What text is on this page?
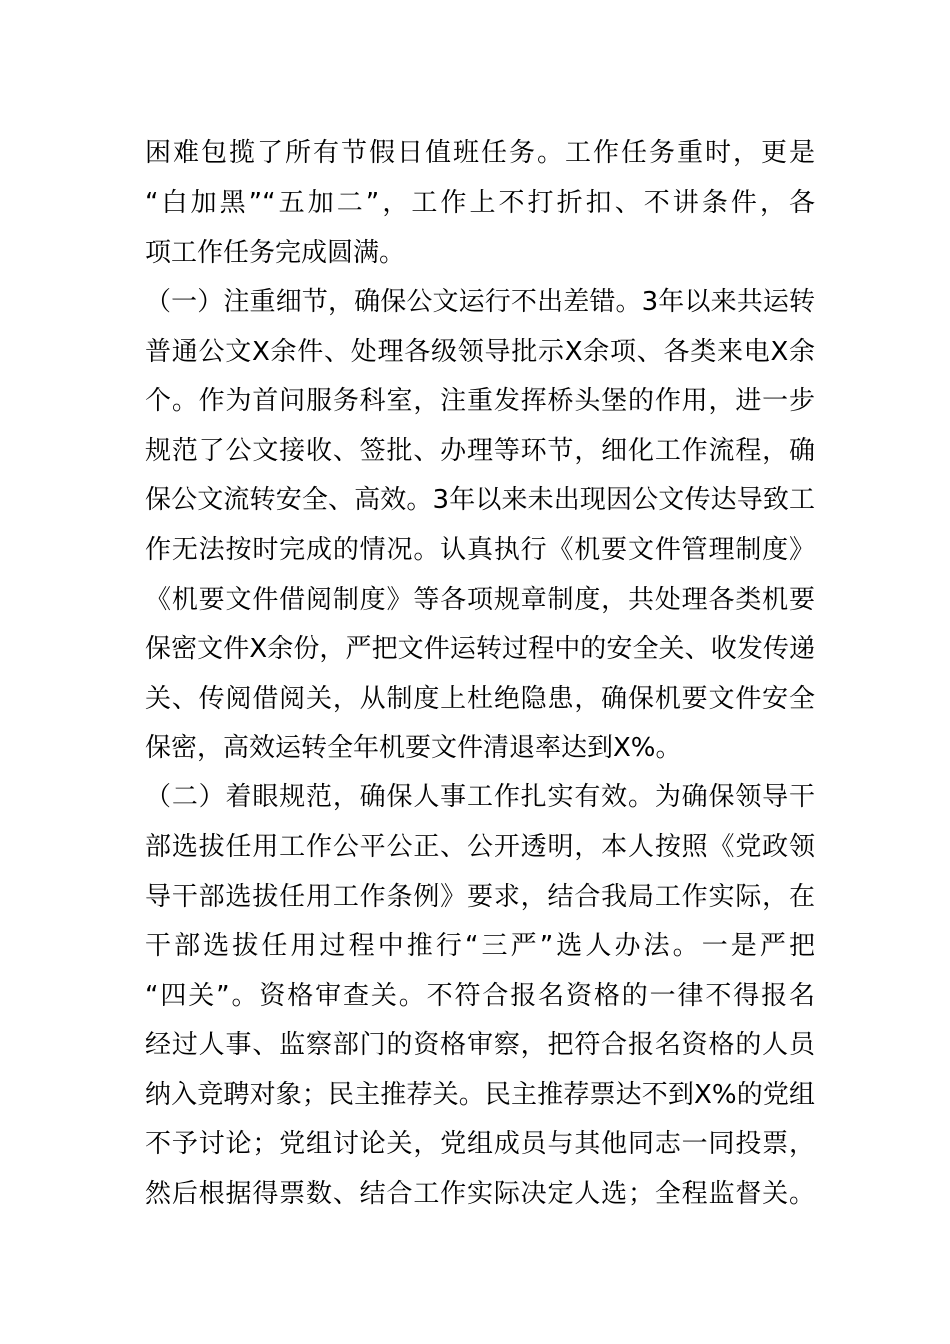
困难包揽了所有节假日值班任务。工作任务重时，更是
“白加黑”“五加二”，工作上不打折扣、不讲条件，各
项工作任务完成圆满。
（一）注重细节，确保公文运行不出差错。3年以来共运转
普通公文X余件、处理各级领导批示X余项、各类来电X余
个。作为首问服务科室，注重发挥桥头堡的作用，进一步
规范了公文接收、签批、办理等环节，细化工作流程，确
保公文流转安全、高效。3年以来未出现因公文传达导致工
作无法按时完成的情况。认真执行《机要文件管理制度》
《机要文件借阅制度》等各项规章制度，共处理各类机要
保密文件X余份，严把文件运转过程中的安全关、收发传递
关、传阅借阅关，从制度上杜绝隐患，确保机要文件安全
保密，高效运转全年机要文件清退率达到X%。
（二）着眼规范，确保人事工作扎实有效。为确保领导干
部选拔任用工作公平公正、公开透明，本人按照《党政领
导干部选拔任用工作条例》要求，结合我局工作实际，在
干部选拔任用过程中推行“三严”选人办法。一是严把
“四关”。资格审查关。不符合报名资格的一律不得报名
经过人事、监察部门的资格审察，把符合报名资格的人员
纳入竞聘对象；民主推荐关。民主推荐票达不到X%的党组
不予讨论；党组讨论关，党组成员与其他同志一同投票，
然后根据得票数、结合工作实际决定人选；全程监督关。
